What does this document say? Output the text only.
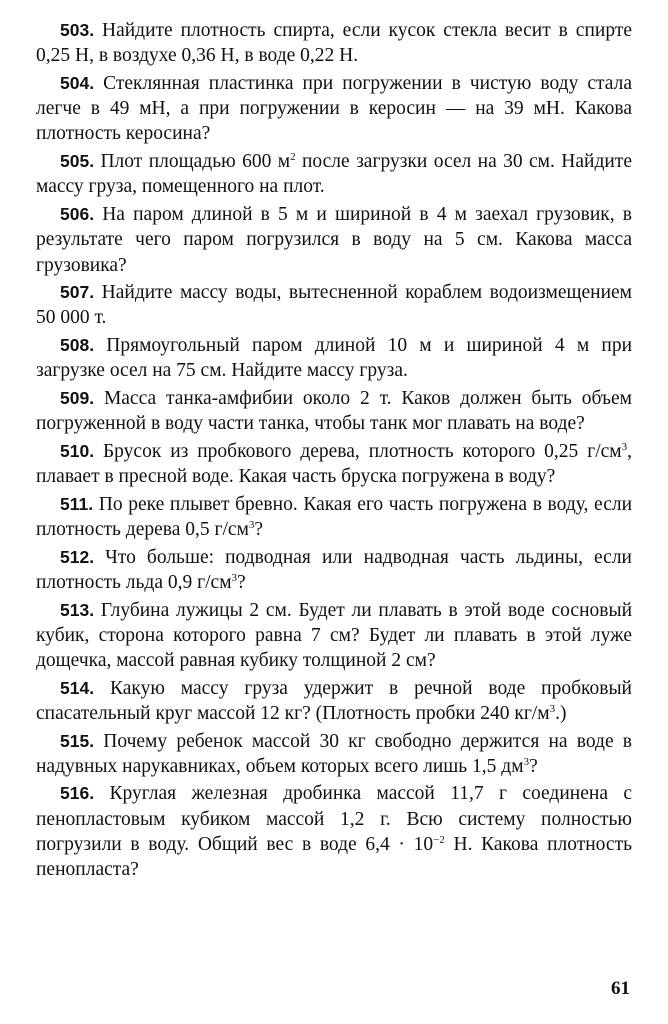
503. Найдите плотность спирта, если кусок стекла весит в спирте 0,25 Н, в воздухе 0,36 Н, в воде 0,22 Н.

504. Стеклянная пластинка при погружении в чистую воду стала легче в 49 мН, а при погружении в керосин — на 39 мН. Какова плотность керосина?

505. Плот площадью 600 $м^2$ после загрузки осел на 30 см. Найдите массу груза, помещенного на плот.

506. На паром длиной в 5 м и шириной в 4 м заехал грузовик, в результате чего паром погрузился в воду на 5 см. Какова масса грузовика?

507. Найдите массу воды, вытесненной кораблем водоизмещением 50 000 т.

508. Прямоугольный паром длиной 10 м и шириной 4 м при загрузке осел на 75 см. Найдите массу груза.

509. Масса танка-амфибии около 2 т. Каков должен быть объем погруженной в воду части танка, чтобы танк мог плавать на воде?

510. Брусок из пробкового дерева, плотность которого 0,25 $г/см^3$, плавает в пресной воде. Какая часть бруска погружена в воду?

511. По реке плывет бревно. Какая его часть погружена в воду, если плотность дерева 0,5 $г/см^3$?

512. Что больше: подводная или надводная часть льдины, если плотность льда 0,9 $г/см^3$?

513. Глубина лужицы 2 см. Будет ли плавать в этой воде сосновый кубик, сторона которого равна 7 см? Будет ли плавать в этой луже дощечка, массой равная кубику толщиной 2 см?

514. Какую массу груза удержит в речной воде пробковый спасательный круг массой 12 кг? (Плотность пробки 240 $кг/м^3$.)

515. Почему ребенок массой 30 кг свободно держится на воде в надувных нарукавниках, объем которых всего лишь 1,5 $дм^3$?

516. Круглая железная дробинка массой 11,7 г соединена с пенопластовым кубиком массой 1,2 г. Всю систему полностью погрузили в воду. Общий вес в воде $6,4 \cdot 10^{-2}$ Н. Какова плотность пенопласта?

61
